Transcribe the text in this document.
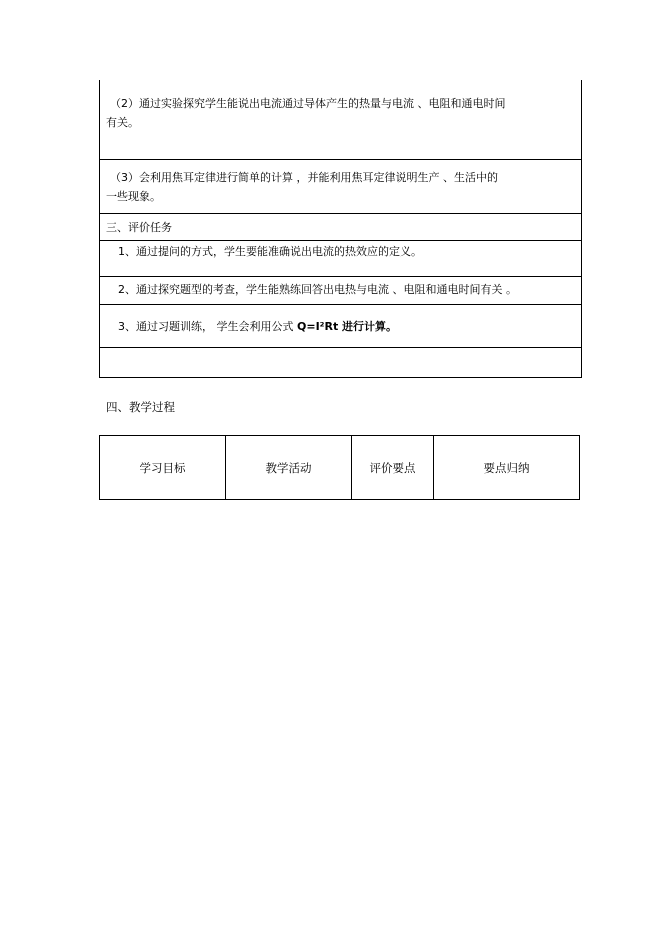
（2）通过实验探究学生能说出电流通过导体产生的热量与电流 、电阻和通电时间
有关。
（3）会利用焦耳定律进行简单的计算 ，并能利用焦耳定律说明生产 、生活中的
一些现象。
三、评价任务
1、通过提问的方式，学生要能准确说出电流的热效应的定义。
2、通过探究题型的考查，学生能熟练回答出电热与电流 、电阻和通电时间有关 。
3、通过习题训练， 学生会利用公式 Q=I²Rt 进行计算。
四、教学过程
学习目标	教学活动	评价要点	要点归纳
